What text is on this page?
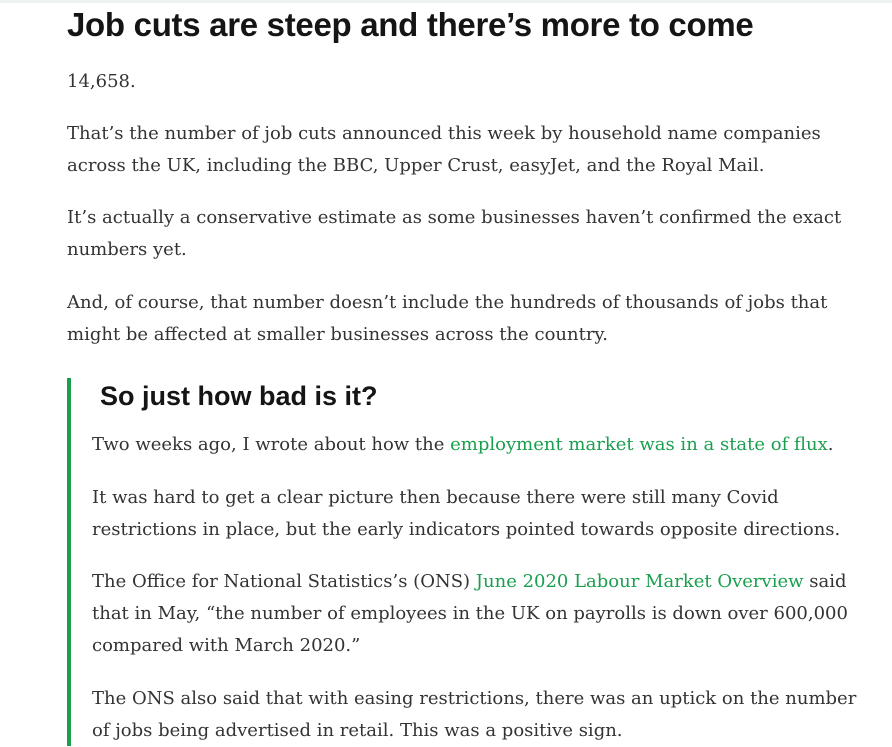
Job cuts are steep and there’s more to come

14,658.

That’s the number of job cuts announced this week by household name companies across the UK, including the BBC, Upper Crust, easyJet, and the Royal Mail.

It’s actually a conservative estimate as some businesses haven’t confirmed the exact numbers yet.

And, of course, that number doesn’t include the hundreds of thousands of jobs that might be affected at smaller businesses across the country.

So just how bad is it?

Two weeks ago, I wrote about how the employment market was in a state of flux.

It was hard to get a clear picture then because there were still many Covid restrictions in place, but the early indicators pointed towards opposite directions.

The Office for National Statistics’s (ONS) June 2020 Labour Market Overview said that in May, “the number of employees in the UK on payrolls is down over 600,000 compared with March 2020.”

The ONS also said that with easing restrictions, there was an uptick on the number of jobs being advertised in retail. This was a positive sign.
